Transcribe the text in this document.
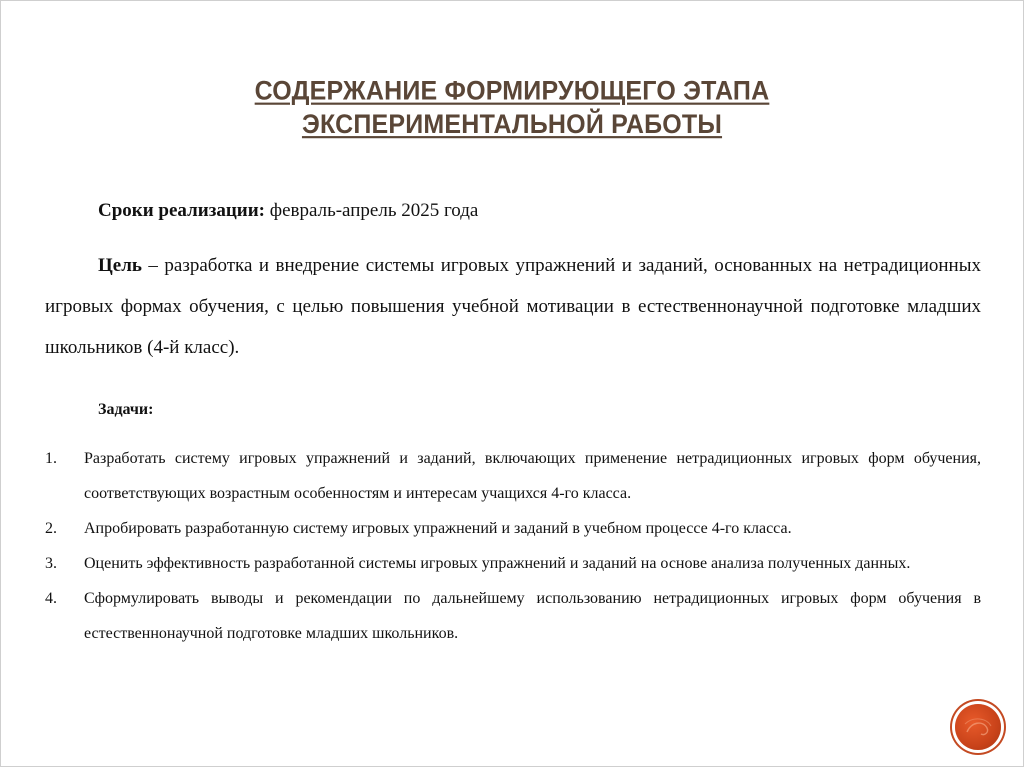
СОДЕРЖАНИЕ ФОРМИРУЮЩЕГО ЭТАПА
ЭКСПЕРИМЕНТАЛЬНОЙ РАБОТЫ
Сроки реализации: февраль-апрель 2025 года
Цель – разработка и внедрение системы игровых упражнений и заданий, основанных на нетрадиционных игровых формах обучения, с целью повышения учебной мотивации в естественнонаучной подготовке младших школьников (4-й класс).
Задачи:
1. Разработать систему игровых упражнений и заданий, включающих применение нетрадиционных игровых форм обучения, соответствующих возрастным особенностям и интересам учащихся 4-го класса.
2. Апробировать разработанную систему игровых упражнений и заданий в учебном процессе 4-го класса.
3. Оценить эффективность разработанной системы игровых упражнений и заданий на основе анализа полученных данных.
4. Сформулировать выводы и рекомендации по дальнейшему использованию нетрадиционных игровых форм обучения в естественнонаучной подготовке младших школьников.
